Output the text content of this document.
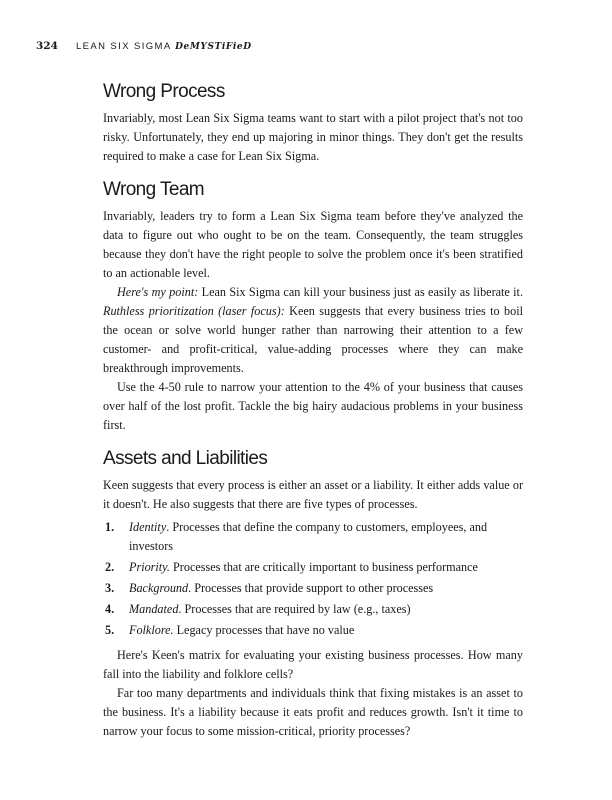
324 LEAN SIX SIGMA DeMYSTiFieD
Wrong Process

Invariably, most Lean Six Sigma teams want to start with a pilot project that's not too risky. Unfortunately, they end up majoring in minor things. They don't get the results required to make a case for Lean Six Sigma.

Wrong Team

Invariably, leaders try to form a Lean Six Sigma team before they've analyzed the data to figure out who ought to be on the team. Consequently, the team struggles because they don't have the right people to solve the problem once it's been stratified to an actionable level.

Here's my point: Lean Six Sigma can kill your business just as easily as liberate it. Ruthless prioritization (laser focus): Keen suggests that every business tries to boil the ocean or solve world hunger rather than narrowing their attention to a few customer- and profit-critical, value-adding processes where they can make breakthrough improvements.

Use the 4-50 rule to narrow your attention to the 4% of your business that causes over half of the lost profit. Tackle the big hairy audacious problems in your business first.

Assets and Liabilities

Keen suggests that every process is either an asset or a liability. It either adds value or it doesn't. He also suggests that there are five types of processes.

1.	Identity. Processes that define the company to customers, employees, and investors
2.	Priority. Processes that are critically important to business performance
3.	Background. Processes that provide support to other processes
4.	Mandated. Processes that are required by law (e.g., taxes)
5.	Folklore. Legacy processes that have no value

Here's Keen's matrix for evaluating your existing business processes. How many fall into the liability and folklore cells?

Far too many departments and individuals think that fixing mistakes is an asset to the business. It's a liability because it eats profit and reduces growth. Isn't it time to narrow your focus to some mission-critical, priority processes?
